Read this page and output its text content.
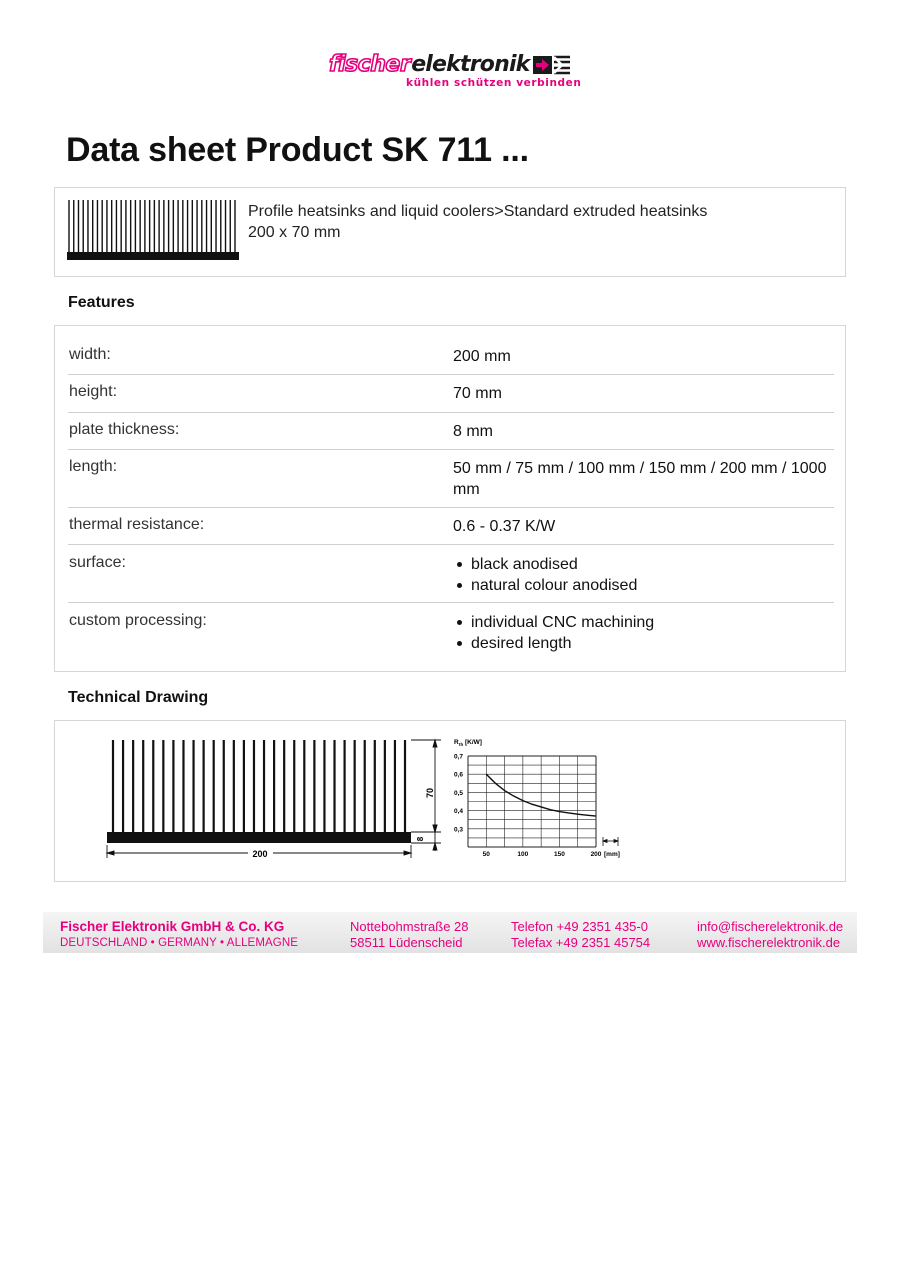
fischer elektronik
kühlen schützen verbinden
Data sheet Product SK 711 ...
Profile heatsinks and liquid coolers>Standard extruded heatsinks
200 x 70 mm
Features
width:	200 mm
height:	70 mm
plate thickness:	8 mm
length:	50 mm / 75 mm / 100 mm / 150 mm / 200 mm / 1000 mm
thermal resistance:	0.6 - 0.37 K/W
surface:	black anodised
natural colour anodised
custom processing:	individual CNC machining
desired length
Technical Drawing
200
70
8
R th [K/W]
0,7
0,6
0,5
0,4
0,3
50	100	150	200 [mm]
Fischer Elektronik GmbH & Co. KG
DEUTSCHLAND • GERMANY • ALLEMAGNE
Nottebohmstraße 28
58511 Lüdenscheid
Telefon +49 2351 435-0
Telefax +49 2351 45754
info@fischerelektronik.de
www.fischerelektronik.de
